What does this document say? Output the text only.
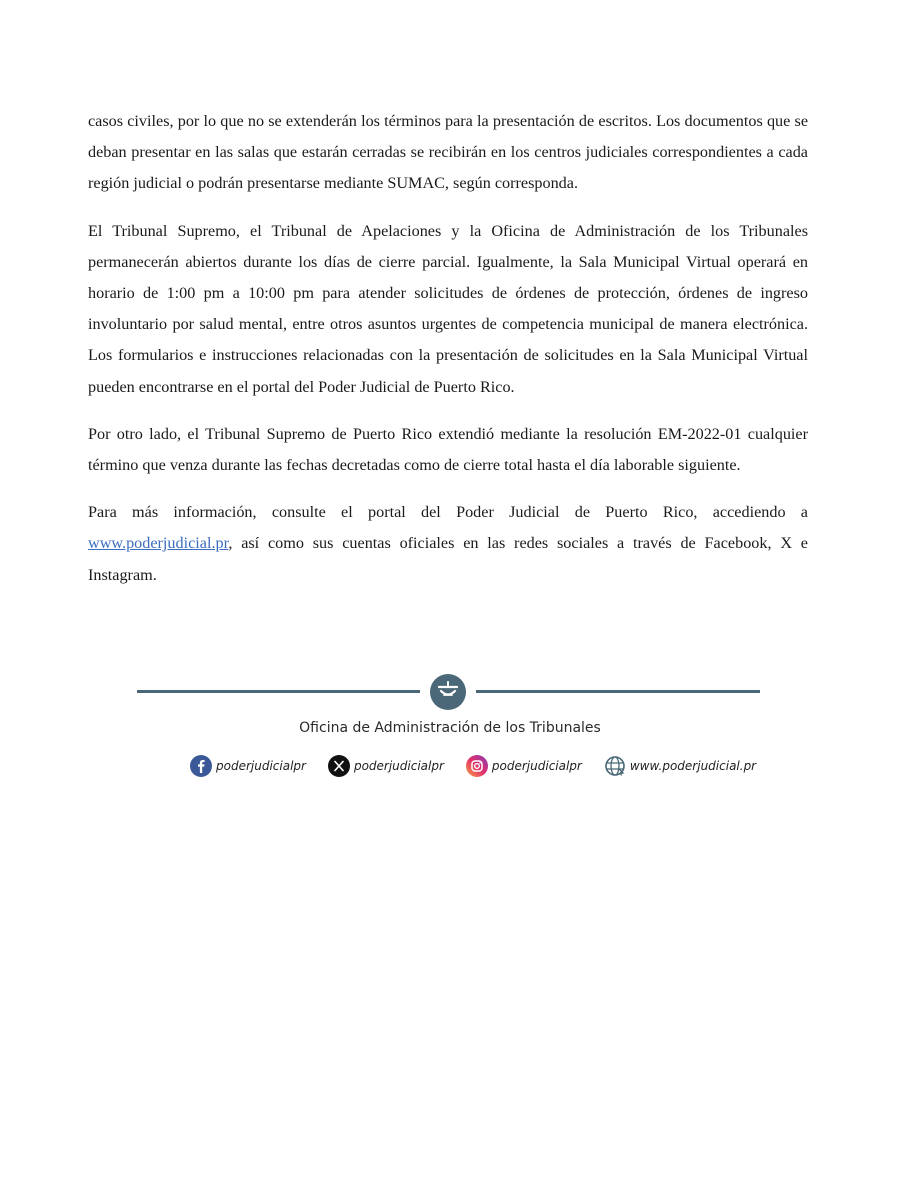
casos civiles, por lo que no se extenderán los términos para la presentación de escritos. Los documentos que se deban presentar en las salas que estarán cerradas se recibirán en los centros judiciales correspondientes a cada región judicial o podrán presentarse mediante SUMAC, según corresponda.

El Tribunal Supremo, el Tribunal de Apelaciones y la Oficina de Administración de los Tribunales permanecerán abiertos durante los días de cierre parcial. Igualmente, la Sala Municipal Virtual operará en horario de 1:00 pm a 10:00 pm para atender solicitudes de órdenes de protección, órdenes de ingreso involuntario por salud mental, entre otros asuntos urgentes de competencia municipal de manera electrónica. Los formularios e instrucciones relacionadas con la presentación de solicitudes en la Sala Municipal Virtual pueden encontrarse en el portal del Poder Judicial de Puerto Rico.

Por otro lado, el Tribunal Supremo de Puerto Rico extendió mediante la resolución EM-2022-01 cualquier término que venza durante las fechas decretadas como de cierre total hasta el día laborable siguiente.

Para más información, consulte el portal del Poder Judicial de Puerto Rico, accediendo a www.poderjudicial.pr, así como sus cuentas oficiales en las redes sociales a través de Facebook, X e Instagram.

Oficina de Administración de los Tribunales
poderjudicialpr	poderjudicialpr	poderjudicialpr	www.poderjudicial.pr
